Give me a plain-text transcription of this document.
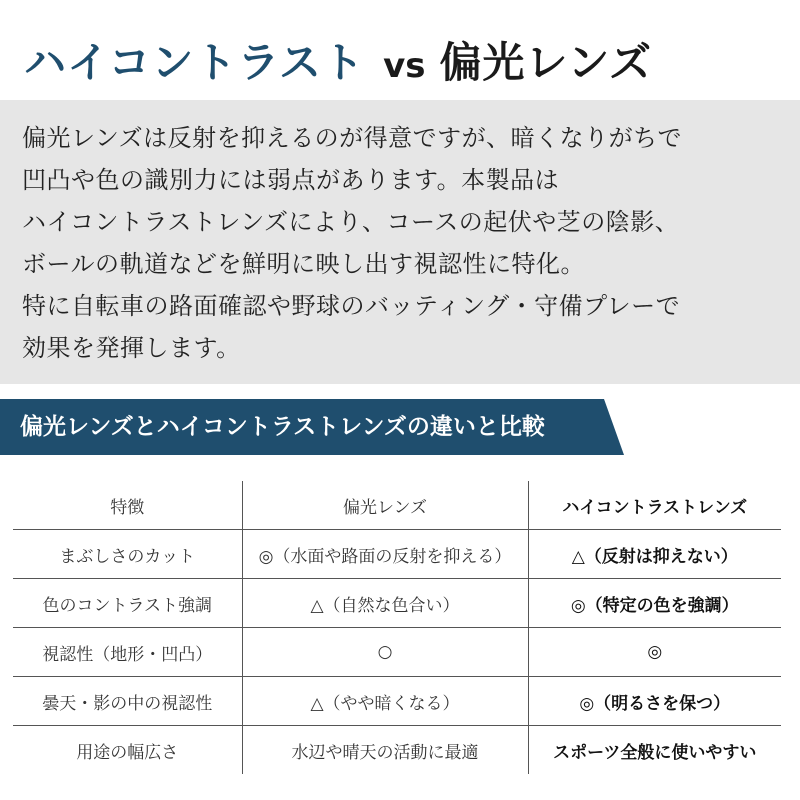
ハイコントラスト vs 偏光レンズ
偏光レンズは反射を抑えるのが得意ですが、暗くなりがちで
凹凸や色の識別力には弱点があります。本製品は
ハイコントラストレンズにより、コースの起伏や芝の陰影、
ボールの軌道などを鮮明に映し出す視認性に特化。
特に自転車の路面確認や野球のバッティング・守備プレーで
効果を発揮します。
偏光レンズとハイコントラストレンズの違いと比較
特徴	偏光レンズ	ハイコントラストレンズ
まぶしさのカット	◎（水面や路面の反射を抑える）	△（反射は抑えない）
色のコントラスト強調	△（自然な色合い）	◎（特定の色を強調）
視認性（地形・凹凸）	○	◎
曇天・影の中の視認性	△（やや暗くなる）	◎（明るさを保つ）
用途の幅広さ	水辺や晴天の活動に最適	スポーツ全般に使いやすい
